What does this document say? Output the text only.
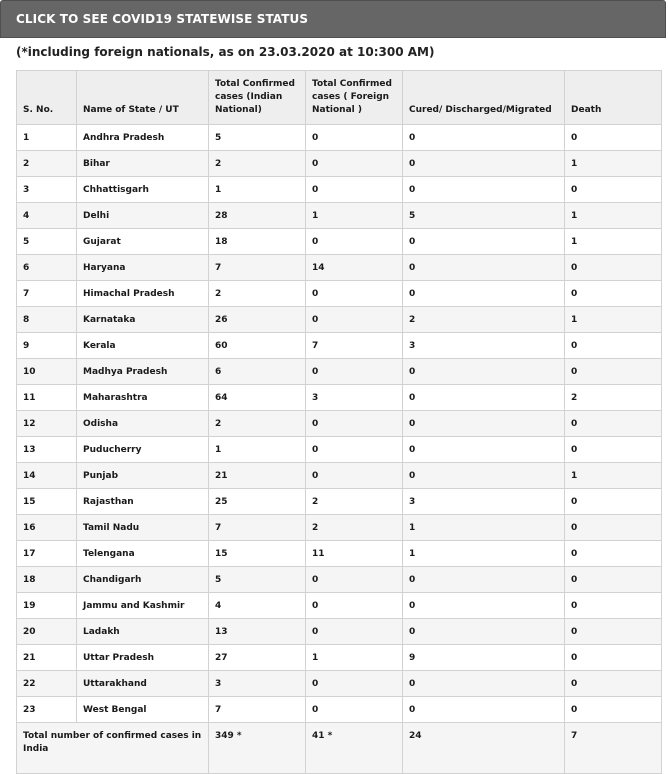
CLICK TO SEE COVID19 STATEWISE STATUS
(*including foreign nationals, as on 23.03.2020 at 10:300 AM)
S. No.	Name of State / UT	Total Confirmed cases (Indian National)	Total Confirmed cases ( Foreign National )	Cured/ Discharged/Migrated	Death
1	Andhra Pradesh	5	0	0	0
2	Bihar	2	0	0	1
3	Chhattisgarh	1	0	0	0
4	Delhi	28	1	5	1
5	Gujarat	18	0	0	1
6	Haryana	7	14	0	0
7	Himachal Pradesh	2	0	0	0
8	Karnataka	26	0	2	1
9	Kerala	60	7	3	0
10	Madhya Pradesh	6	0	0	0
11	Maharashtra	64	3	0	2
12	Odisha	2	0	0	0
13	Puducherry	1	0	0	0
14	Punjab	21	0	0	1
15	Rajasthan	25	2	3	0
16	Tamil Nadu	7	2	1	0
17	Telengana	15	11	1	0
18	Chandigarh	5	0	0	0
19	Jammu and Kashmir	4	0	0	0
20	Ladakh	13	0	0	0
21	Uttar Pradesh	27	1	9	0
22	Uttarakhand	3	0	0	0
23	West Bengal	7	0	0	0
Total number of confirmed cases in India		349 *	41 *	24	7
